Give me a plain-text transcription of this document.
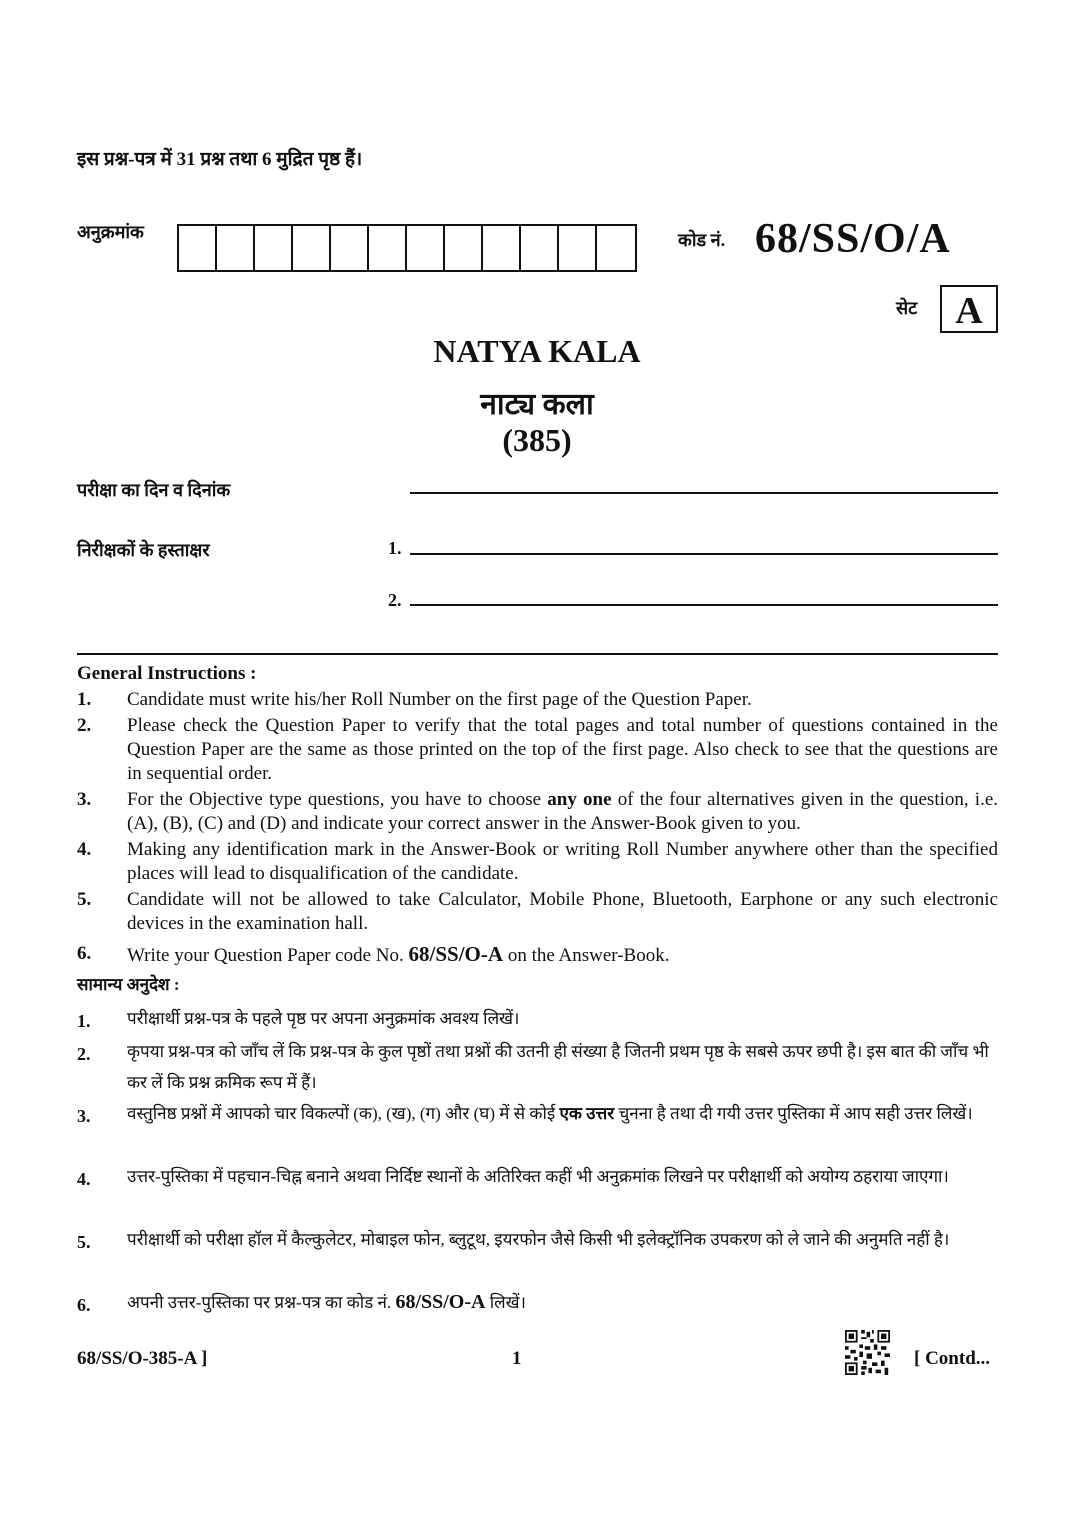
इस प्रश्न-पत्र में 31 प्रश्न तथा 6 मुद्रित पृष्ठ हैं।
अनुक्रमांक	कोड नं. 68/SS/O/A
सेट	A
NATYA KALA
नाट्य कला
(385)
परीक्षा का दिन व दिनांक
निरीक्षकों के हस्ताक्षर	1.
2.
General Instructions :
1. Candidate must write his/her Roll Number on the first page of the Question Paper.
2. Please check the Question Paper to verify that the total pages and total number of questions contained in the Question Paper are the same as those printed on the top of the first page. Also check to see that the questions are in sequential order.
3. For the Objective type questions, you have to choose any one of the four alternatives given in the question, i.e. (A), (B), (C) and (D) and indicate your correct answer in the Answer-Book given to you.
4. Making any identification mark in the Answer-Book or writing Roll Number anywhere other than the specified places will lead to disqualification of the candidate.
5. Candidate will not be allowed to take Calculator, Mobile Phone, Bluetooth, Earphone or any such electronic devices in the examination hall.
6. Write your Question Paper code No. 68/SS/O-A on the Answer-Book.
सामान्य अनुदेश :
1. परीक्षार्थी प्रश्न-पत्र के पहले पृष्ठ पर अपना अनुक्रमांक अवश्य लिखें।
2. कृपया प्रश्न-पत्र को जाँच लें कि प्रश्न-पत्र के कुल पृष्ठों तथा प्रश्नों की उतनी ही संख्या है जितनी प्रथम पृष्ठ के सबसे ऊपर छपी है। इस बात की जाँच भी कर लें कि प्रश्न क्रमिक रूप में हैं।
3. वस्तुनिष्ठ प्रश्नों में आपको चार विकल्पों (क), (ख), (ग) और (घ) में से कोई एक उत्तर चुनना है तथा दी गयी उत्तर पुस्तिका में आप सही उत्तर लिखें।
4. उत्तर-पुस्तिका में पहचान-चिह्न बनाने अथवा निर्दिष्ट स्थानों के अतिरिक्त कहीं भी अनुक्रमांक लिखने पर परीक्षार्थी को अयोग्य ठहराया जाएगा।
5. परीक्षार्थी को परीक्षा हॉल में कैल्कुलेटर, मोबाइल फोन, ब्लुटूथ, इयरफोन जैसे किसी भी इलेक्ट्रॉनिक उपकरण को ले जाने की अनुमति नहीं है।
6. अपनी उत्तर-पुस्तिका पर प्रश्न-पत्र का कोड नं. 68/SS/O-A लिखें।
68/SS/O-385-A ]	1	[ Contd...
